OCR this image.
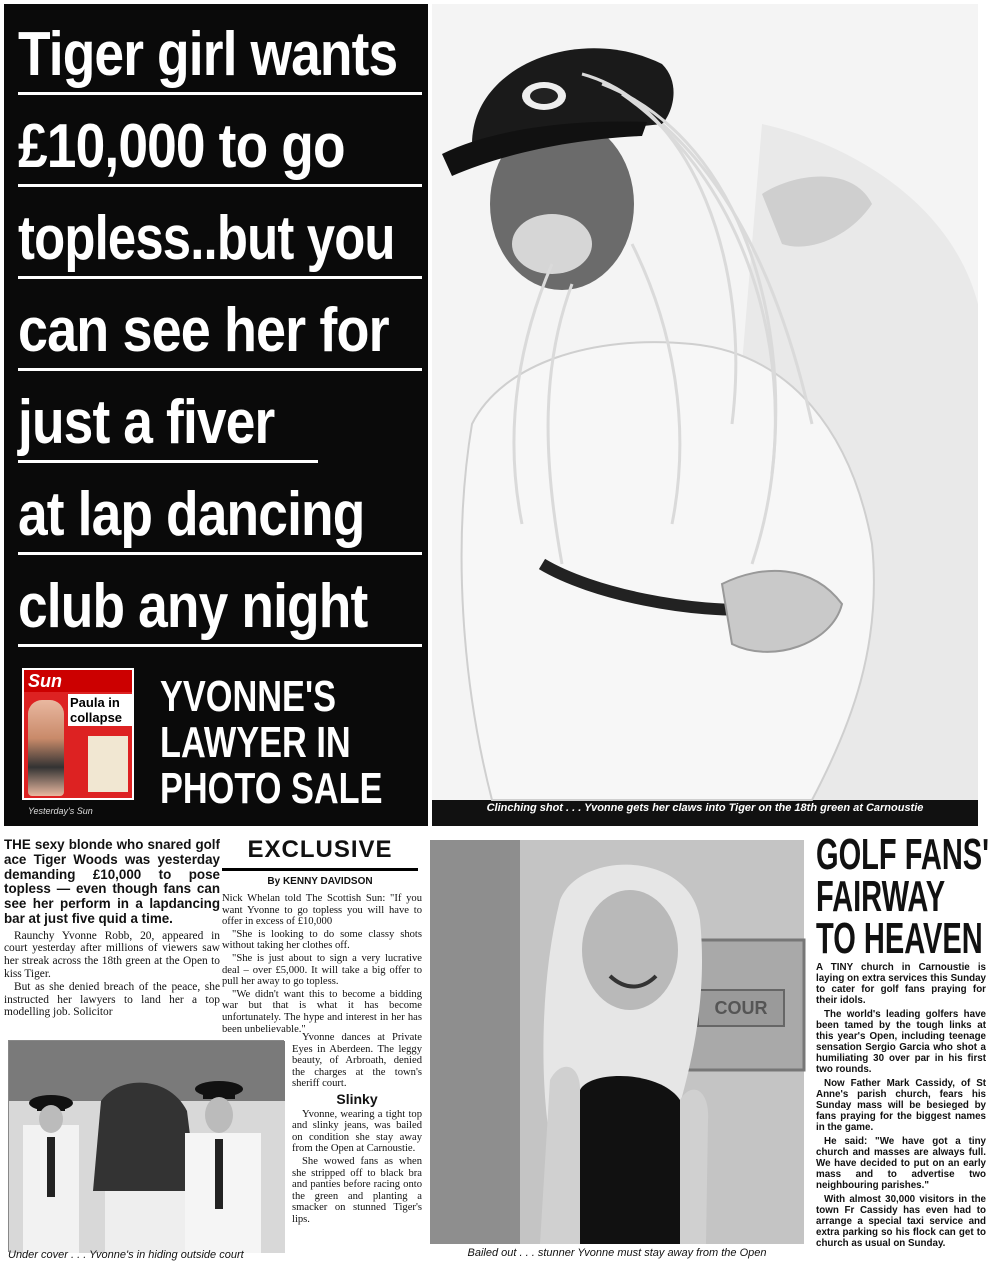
Tiger girl wants
£10,000 to go
topless..but you
can see her for
just a fiver
at lap dancing
club any night
YVONNE'S
LAWYER IN
PHOTO SALE
Sun
Paula in collapse
Yesterday's Sun	Clinching shot . . . Yvonne gets her claws into Tiger on the 18th green at Carnoustie

THE sexy blonde who snared golf ace Tiger Woods was yesterday demanding £10,000 to pose topless — even though fans can see her perform in a lapdancing bar at just five quid a time.

Raunchy Yvonne Robb, 20, appeared in court yesterday after millions of viewers saw her streak across the 18th green at the Open to kiss Tiger.

But as she denied breach of the peace, she instructed her lawyers to land her a top modelling job. Solicitor

Under cover . . . Yvonne's in hiding outside court
EXCLUSIVE
By KENNY DAVIDSON

Nick Whelan told The Scottish Sun: "If you want Yvonne to go topless you will have to offer in excess of £10,000

"She is looking to do some classy shots without taking her clothes off.

"She is just about to sign a very lucrative deal – over £5,000. It will take a big offer to pull her away to go topless.

"We didn't want this to become a bidding war but that is what it has become unfortunately. The hype and interest in her has been unbelievable."

Yvonne dances at Private Eyes in Aberdeen. The leggy beauty, of Arbroath, denied the charges at the town's sheriff court.

Slinky

Yvonne, wearing a tight top and slinky jeans, was bailed on condition she stay away from the Open at Carnoustie.

She wowed fans as when she stripped off to black bra and panties before racing onto the green and planting a smacker on stunned Tiger's lips.

COUR
Bailed out . . . stunner Yvonne must stay away from the Open
GOLF FANS'
FAIRWAY
TO HEAVEN

A TINY church in Carnoustie is laying on extra services this Sunday to cater for golf fans praying for their idols.

The world's leading golfers have been tamed by the tough links at this year's Open, including teenage sensation Sergio Garcia who shot a humiliating 30 over par in his first two rounds.

Now Father Mark Cassidy, of St Anne's parish church, fears his Sunday mass will be besieged by fans praying for the biggest names in the game.

He said: "We have got a tiny church and masses are always full. We have decided to put on an early mass and to advertise two neighbouring parishes."

With almost 30,000 visitors in the town Fr Cassidy has even had to arrange a special taxi service and extra parking so his flock can get to church as usual on Sunday.
